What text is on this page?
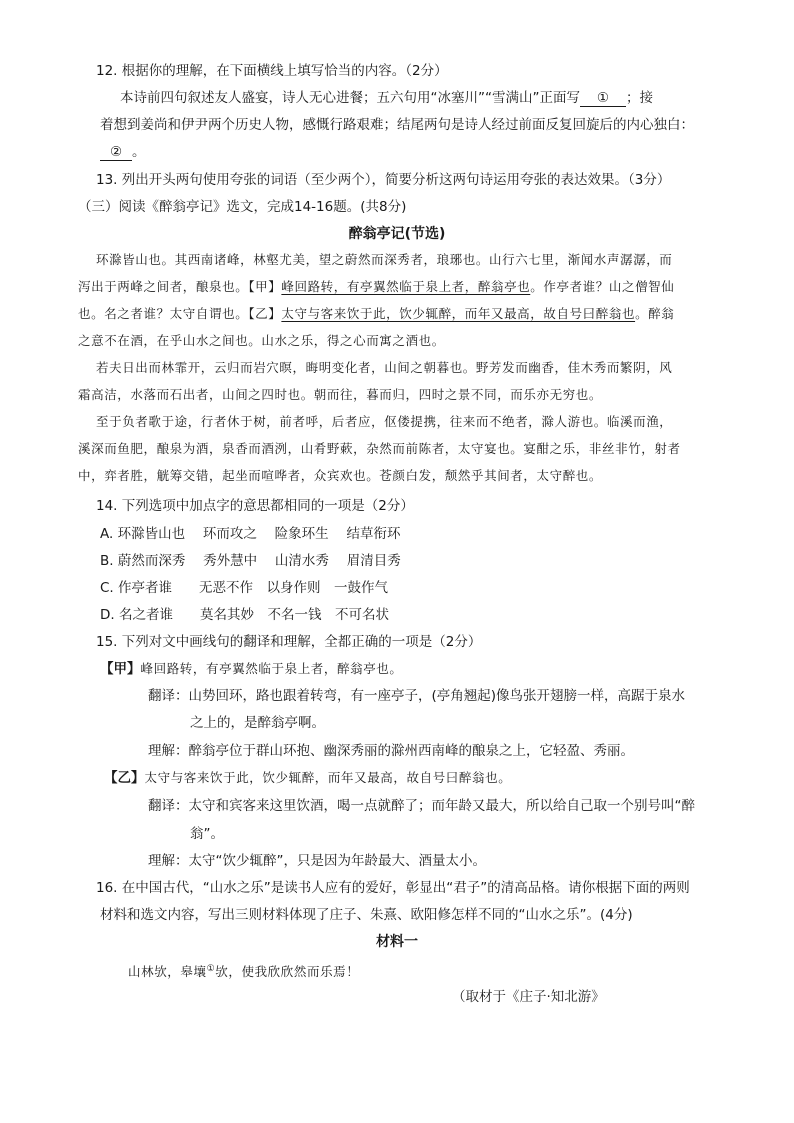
12. 根据你的理解，在下面横线上填写恰当的内容。（2分）
本诗前四句叙述友人盛宴，诗人无心进餐；五六句用“冰塞川”“雪满山”正面写 ① ；接
着想到姜尚和伊尹两个历史人物，感慨行路艰难；结尾两句是诗人经过前面反复回旋后的内心独白：
② 。
13. 列出开头两句使用夸张的词语（至少两个），简要分析这两句诗运用夸张的表达效果。（3分）
（三）阅读《醉翁亭记》选文，完成14-16题。(共8分)
醉翁亭记(节选)
环滁皆山也。其西南诸峰，林壑尤美，望之蔚然而深秀者，琅琊也。山行六七里，渐闻水声潺潺，而
泻出于两峰之间者，酿泉也。【甲】峰回路转，有亭翼然临于泉上者，醉翁亭也。作亭者谁？山之僧智仙
也。名之者谁？太守自谓也。【乙】太守与客来饮于此，饮少辄醉，而年又最高，故自号曰醉翁也。醉翁
之意不在酒，在乎山水之间也。山水之乐，得之心而寓之酒也。
若夫日出而林霏开，云归而岩穴暝，晦明变化者，山间之朝暮也。野芳发而幽香，佳木秀而繁阴，风
霜高洁，水落而石出者，山间之四时也。朝而往，暮而归，四时之景不同，而乐亦无穷也。
至于负者歌于途，行者休于树，前者呼，后者应，伛偻提携，往来而不绝者，滁人游也。临溪而渔，
溪深而鱼肥，酿泉为酒，泉香而酒洌，山肴野蔌，杂然而前陈者，太守宴也。宴酣之乐，非丝非竹，射者
中，弈者胜，觥筹交错，起坐而喧哗者，众宾欢也。苍颜白发，颓然乎其间者，太守醉也。
14. 下列选项中加点字的意思都相同的一项是（2分）
A. 环滁皆山也　 环而攻之　 险象环生　 结草衔环
B. 蔚然而深秀　 秀外慧中　 山清水秀　 眉清目秀
C. 作亭者谁　　无恶不作　以身作则　一鼓作气
D. 名之者谁　　莫名其妙　不名一钱　不可名状
15. 下列对文中画线句的翻译和理解，全都正确的一项是（2分）
【甲】峰回路转，有亭翼然临于泉上者，醉翁亭也。
翻译：山势回环，路也跟着转弯，有一座亭子，(亭角翘起)像鸟张开翅膀一样，高踞于泉水
之上的，是醉翁亭啊。
理解：醉翁亭位于群山环抱、幽深秀丽的滁州西南峰的酿泉之上，它轻盈、秀丽。
【乙】太守与客来饮于此，饮少辄醉，而年又最高，故自号曰醉翁也。
翻译：太守和宾客来这里饮酒，喝一点就醉了；而年龄又最大，所以给自己取一个别号叫“醉
翁”。
理解：太守“饮少辄醉”，只是因为年龄最大、酒量太小。
16. 在中国古代，“山水之乐”是读书人应有的爱好，彰显出“君子”的清高品格。请你根据下面的两则
材料和选文内容，写出三则材料体现了庄子、朱熹、欧阳修怎样不同的“山水之乐”。(4分)
材料一
山林欤，皋壤①欤，使我欣欣然而乐焉！
（取材于《庄子·知北游》
